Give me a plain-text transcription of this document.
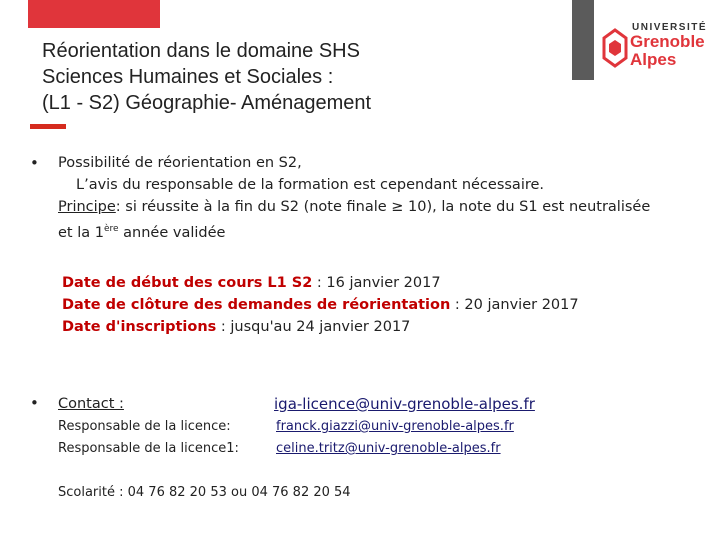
UNIVERSITÉ
Grenoble
Alpes
Réorientation dans le domaine SHS
Sciences Humaines et Sociales :
(L1 - S2) Géographie- Aménagement
• Possibilité de réorientation en S2,
L’avis du responsable de la formation est cependant nécessaire.
Principe: si réussite à la fin du S2 (note finale ≥ 10), la note du S1 est neutralisée
et la 1ère année validée
Date de début des cours L1 S2 : 16 janvier 2017
Date de clôture des demandes de réorientation : 20 janvier 2017
Date d'inscriptions : jusqu'au 24 janvier 2017
• Contact :	iga-licence@univ-grenoble-alpes.fr
Responsable de la licence:	franck.giazzi@univ-grenoble-alpes.fr
Responsable de la licence1:	celine.tritz@univ-grenoble-alpes.fr
Scolarité : 04 76 82 20 53 ou 04 76 82 20 54
